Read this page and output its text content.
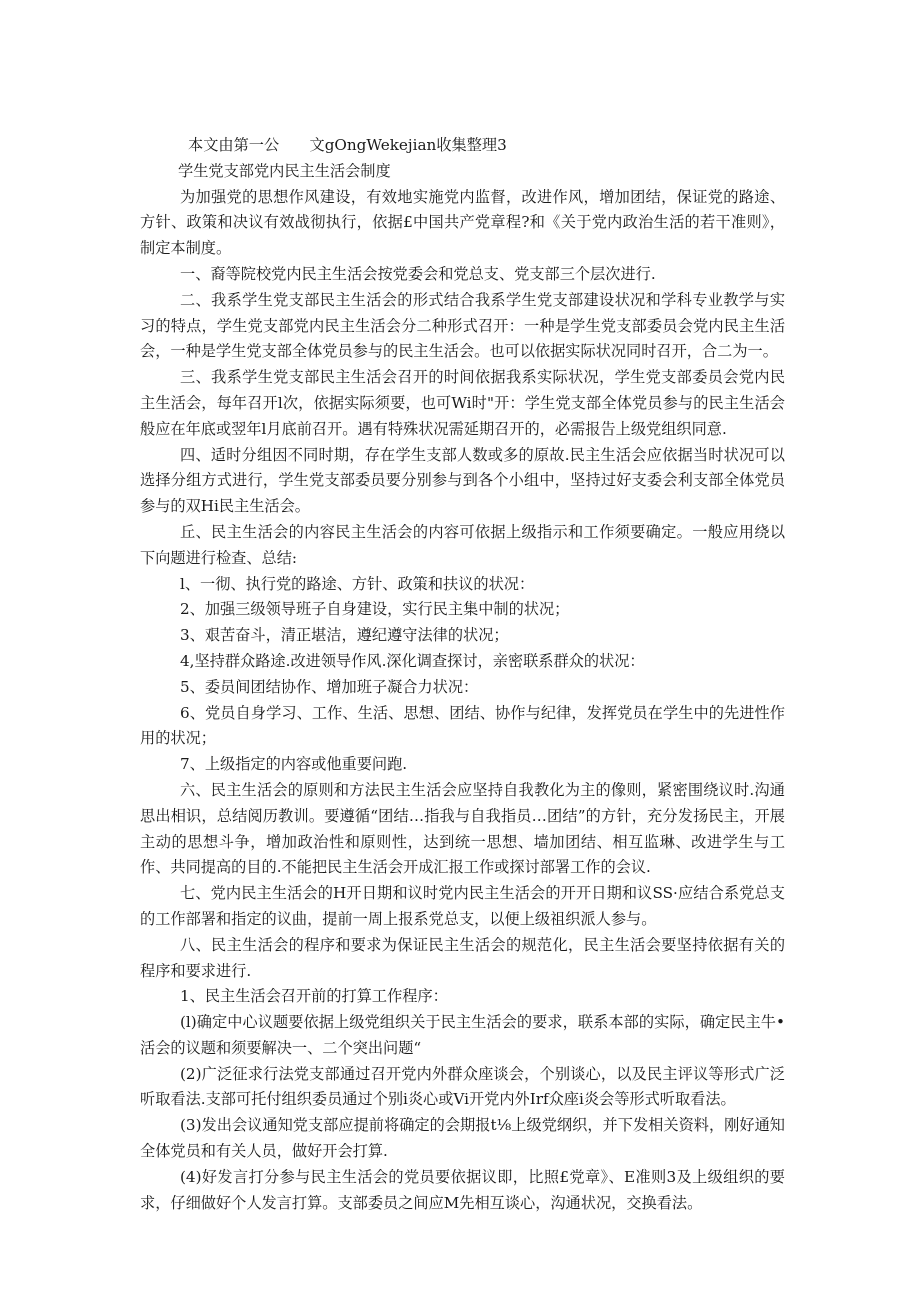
本文由第一公　　文gOngWekejian收集整理3

学生党支部党内民主生活会制度

为加强党的思想作风建设，有效地实施党内监督，改进作风，增加团结，保证党的路途、方针、政策和决议有效战彻执行，依据£中国共产党章程?和《关于党内政治生活的若干准则》，制定本制度。

一、裔等院校党内民主生活会按党委会和党总支、党支部三个层次进行.

二、我系学生党支部民主生活会的形式结合我系学生党支部建设状况和学科专业教学与实习的特点，学生党支部党内民主生活会分二种形式召开：一种是学生党支部委员会党内民主生活会，一种是学生党支部全体党员参与的民主生活会。也可以依据实际状况同时召开，合二为一。

三、我系学生党支部民主生活会召开的时间依据我系实际状况，学生党支部委员会党内民主生活会，每年召开l次，依据实际须要，也可Wi时"开：学生党支部全体党员参与的民主生活会般应在年底或翌年l月底前召开。遇有特殊状况需延期召开的，必需报告上级党组织同意.

四、适时分组因不同时期，存在学生支部人数或多的原故.民主生活会应依据当时状况可以选择分组方式进行，学生党支部委员要分别参与到各个小组中，坚持过好支委会利支部全体党员参与的双Hi民主生活会。

丘、民主生活会的内容民主生活会的内容可依据上级指示和工作须要确定。一般应用绕以下向题进行检查、总结:

l、一彻、执行党的路途、方针、政策和扶议的状况：

2、加强三级领导班子自身建设，实行民主集中制的状况；

3、艰苦奋斗，清正堪洁，遵纪遵守法律的状况；

4,坚持群众路途.改进领导作风.深化调查探讨，亲密联系群众的状况：

5、委员间团结协作、增加班子凝合力状况：

6、党员自身学习、工作、生活、思想、团结、协作与纪律，发挥党员在学生中的先进性作用的状况；

7、上级指定的内容或他重要问跑.

六、民主生活会的原则和方法民主生活会应坚持自我教化为主的像则，紧密围绕议时.沟通思出相识，总结阅历教训。要遵循“团结…指我与自我指员…团结”的方针，充分发扬民主，开展主动的思想斗争，增加政治性和原则性，达到统一思想、墙加团结、相互监琳、改进学生与工作、共同提高的目的.不能把民主生活会开成汇报工作或探讨部署工作的会议.

七、党内民主生活会的H开日期和议时党内民主生活会的开开日期和议SS·应结合系党总支的工作部署和指定的议曲，提前一周上报系党总支，以便上级祖织派人参与。

八、民主生活会的程序和要求为保证民主生活会的规范化，民主生活会要坚持依据有关的程序和要求进行.

1、民主生活会召开前的打算工作程序：

(l)确定中心议题要依据上级党组织关于民主生活会的要求，联系本部的实际，确定民主牛•活会的议题和须要解决一、二个突出问题“

(2)广泛征求行法党支部通过召开党内外群众座谈会，个别谈心，以及民主评议等形式广泛听取看法.支部可托付组织委员通过个别i炎心或Vi开党内外Irf众座i炎会等形式听取看法。

(3)发出会议通知党支部应提前将确定的会期报t⅛上级党纲织，并下发相关资料，刚好通知全体党员和有关人员，做好开会打算.

(4)好发言打分参与民主生活会的党员要依据议即，比照£党章》、E准则3及上级组织的要求，仔细做好个人发言打算。支部委员之间应M先相互谈心，沟通状况，交换看法。
